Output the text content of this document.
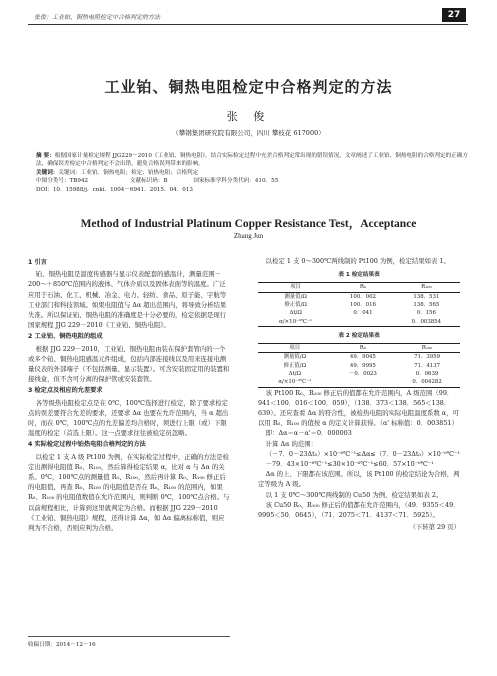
张俊：工业铂、铜热电阻检定中合格判定的方法	27
工业铂、铜热电阻检定中合格判定的方法
张 俊
（攀钢集团研究院有限公司，四川 攀枝花 617000）
摘 要：根据国家计量检定规程 JJG229－2010《工业铂、铜热电阻》，结合实际检定过程中充差合格判定常出现的错误情况，文章阐述了工业铂、铜热电阻的合格判定的正确方法，确保误差检定中合格判定不会出错，避免合格误判带来的影响。
关键词：关键词：工业铂、铜热电阻；检定；铂热电阻；合格判定
中图分类号：TB942	文献标识码：B	国家标准学科分类代码：410．55
DOI：10．15988/j．cnki．1004－6941．2015．04．013
Method of Industrial Platinum Copper Resistance Test，Acceptance
Zhang Jun
1 引言

铂、铜热电阻是温度传感器与显示仪表配套的感温计，测量范围－200～＋850℃范围内的液体、气体介质以及固体表面等的温度。广泛应用于石油、化工、机械、冶金、电力、轻纺、食品、原子能、宇航等工业部门和科技领域。如果电阻值与 Δα 超出范围内，将导致分析结果失准。所以保证铂、铜热电阻的准确度是十分必要的，检定依据是现行国家规程 JJG 229－2010《工业铂、铜热电阻》。

2 工业铂、铜热电阻的组成

根据 JJG 229－2010，工业铂、铜热电阻由装在保护套管内的一个或多个铂、铜热电阻感温元件组成，包括内部连接线以及用来连接电测量仪表的外部端子（不包括测量、显示装置）。可含安装固定用的装置和接线盒，但不含可分离的保护管或安装套管。

3 检定点及相应的允差要求

各等级热电阻检定点是在 0℃，100℃选择进行检定，除了要求检定点的误差要符合允差的要求，还要求 Δα 也要在允许范围内，当 α 超出时，而在 0℃，100℃点的允差偏差均合格时，须进行上限（或）下限温度的检定（首选上限）。这一点要求往往被检定员忽略。

4 实际检定过程中铂热电阻合格判定的方法

以检定 1 支 A 级 Pt100 为例，在实际检定过程中，正确的方法是检定出测得电阻值 R₀、R₁₀₀，然后算得检定结果 α，比对 α 与 Δα 的关系。0℃，100℃点的测量值 R₀、R₁₀₀，然后再计算 R₀、R₁₀₀ 修正后的电阻值，再查 R₀、R₁₀₀ 的电阻值是否在 R₀、R₁₀₀ 的范围内，如果 R₀、R₁₀₀ 的电阻值数值在允许范围内，则判断 0℃，100℃点合格。与以前规程相比，计算到这里就判定为合格。而根据 JJG 229－2010《工业铂、铜热电阻》规程，还得计算 Δα，如 Δα 偏离标称值，则应判为不合格，否则应判为合格。

收稿日期：2014－12－16

以检定 1 支 0～300℃两线制的 Pt100 为例，检定结果如表 1。

表 1 检定结果表
项目	R₀	R₁₀₀
测量值/Ω	100．002	138．531
修正值/Ω	100．016	138．565
Δt/Ω	0．041	0．156
α/×10⁻³℃⁻¹		0．003854
表 2 检定结果表
项目	R₀	R₁₀₀
测量值/Ω	49．9045	71．3959
修正值/Ω	49．9995	71．4137
Δt/Ω	－0．0023	0．0639
α/×10⁻³℃⁻¹		0．004282

该 Pt100 R₀、R₁₀₀ 修正后的值都在允许范围内，A 级范围（99．941＜100．016＜100．059），（138．373＜138．565＜138．639）。还应查看 Δα 的符合性，被检热电阻的实际电阻温度系数 α，可以用 R₀、R₁₀₀ 的值按 α 的定义计算获得。（α' 标称值：0．003851）

即：Δα＝α－α'＝0．000003

计算 Δα 的范围：

（－7．0－23Δt₀）×10⁻⁶℃⁻¹≤Δα≤（7．0－23Δt₀）×10⁻⁶℃⁻¹

－79．43×10⁻⁶℃⁻¹≤30×10⁻⁶℃⁻¹≤60．57×10⁻⁶℃⁻¹

Δα 的上、下限都在该范围。所以，该 Pt100 的检定结论为合格，判定等级为 A 级。

以 1 支 0℃～300℃两线制的 Cu50 为例，检定结果如表 2。

该 Cu50 R₀、R₁₀₀ 修正后的值都在允许范围内，（49．9355＜49．9995＜50．0645），（71．2075＜71．4137＜71．5925）。

（下转第 29 页）
